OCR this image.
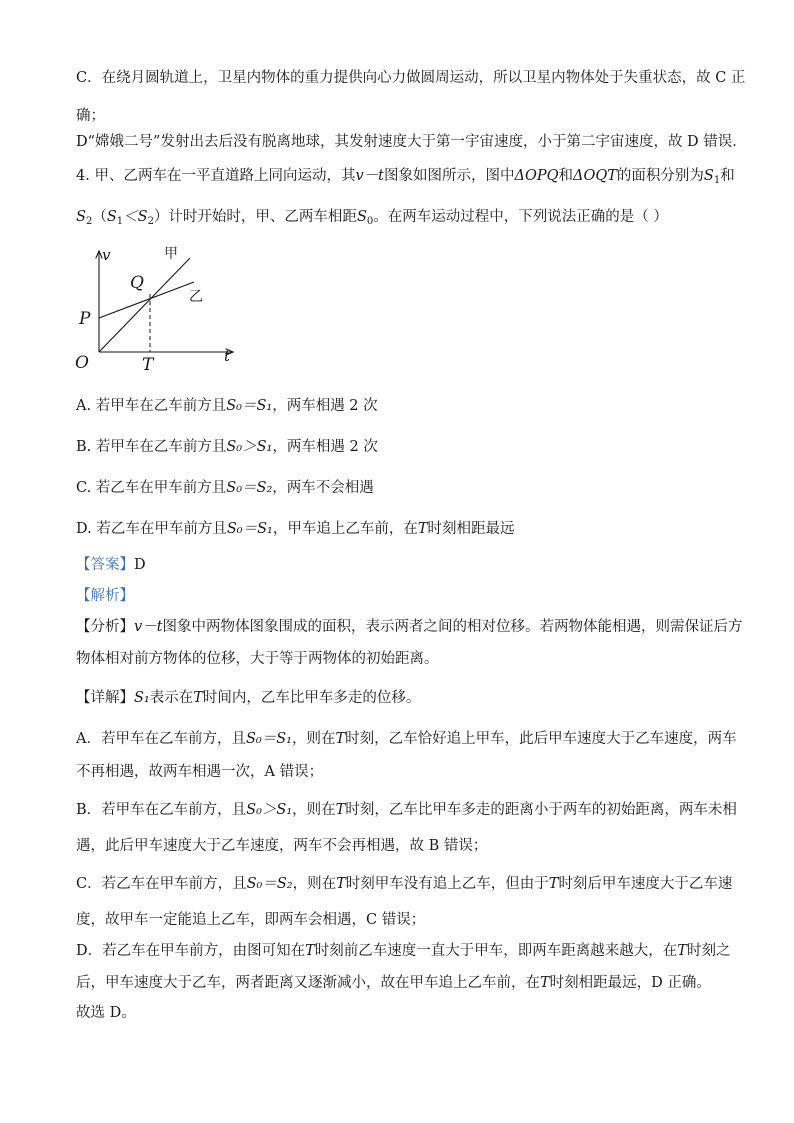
C．在绕月圆轨道上，卫星内物体的重力提供向心力做圆周运动，所以卫星内物体处于失重状态，故 C 正
确；
D“嫦娥二号”发射出去后没有脱离地球，其发射速度大于第一宇宙速度，小于第二宇宙速度，故 D 错误．
4. 甲、乙两车在一平直道路上同向运动，其v－t图象如图所示，图中ΔOPQ和ΔOQT的面积分别为$S_1$和
$S_2(S_1<S_2)$计时开始时，甲、乙两车相距$S_0$。在两车运动过程中，下列说法正确的是（ ）
v	甲
Q
乙
P
O	T	t
A. 若甲车在乙车前方且S₀＝S₁，两车相遇 2 次
B. 若甲车在乙车前方且S₀＞S₁，两车相遇 2 次
C. 若乙车在甲车前方且S₀＝S₂，两车不会相遇
D. 若乙车在甲车前方且S₀＝S₁，甲车追上乙车前，在T时刻相距最远
【答案】D
【解析】
【分析】v－t图象中两物体图象围成的面积，表示两者之间的相对位移。若两物体能相遇，则需保证后方
物体相对前方物体的位移，大于等于两物体的初始距离。
【详解】S₁表示在T时间内，乙车比甲车多走的位移。
A．若甲车在乙车前方，且S₀＝S₁，则在T时刻，乙车恰好追上甲车，此后甲车速度大于乙车速度，两车
不再相遇，故两车相遇一次，A 错误；
B．若甲车在乙车前方，且S₀＞S₁，则在T时刻，乙车比甲车多走的距离小于两车的初始距离，两车未相
遇，此后甲车速度大于乙车速度，两车不会再相遇，故 B 错误；
C．若乙车在甲车前方，且S₀＝S₂，则在T时刻甲车没有追上乙车，但由于T时刻后甲车速度大于乙车速
度，故甲车一定能追上乙车，即两车会相遇，C 错误；
D．若乙车在甲车前方，由图可知在T时刻前乙车速度一直大于甲车，即两车距离越来越大，在T时刻之
后，甲车速度大于乙车，两者距离又逐渐减小，故在甲车追上乙车前，在T时刻相距最远，D 正确。
故选 D。
